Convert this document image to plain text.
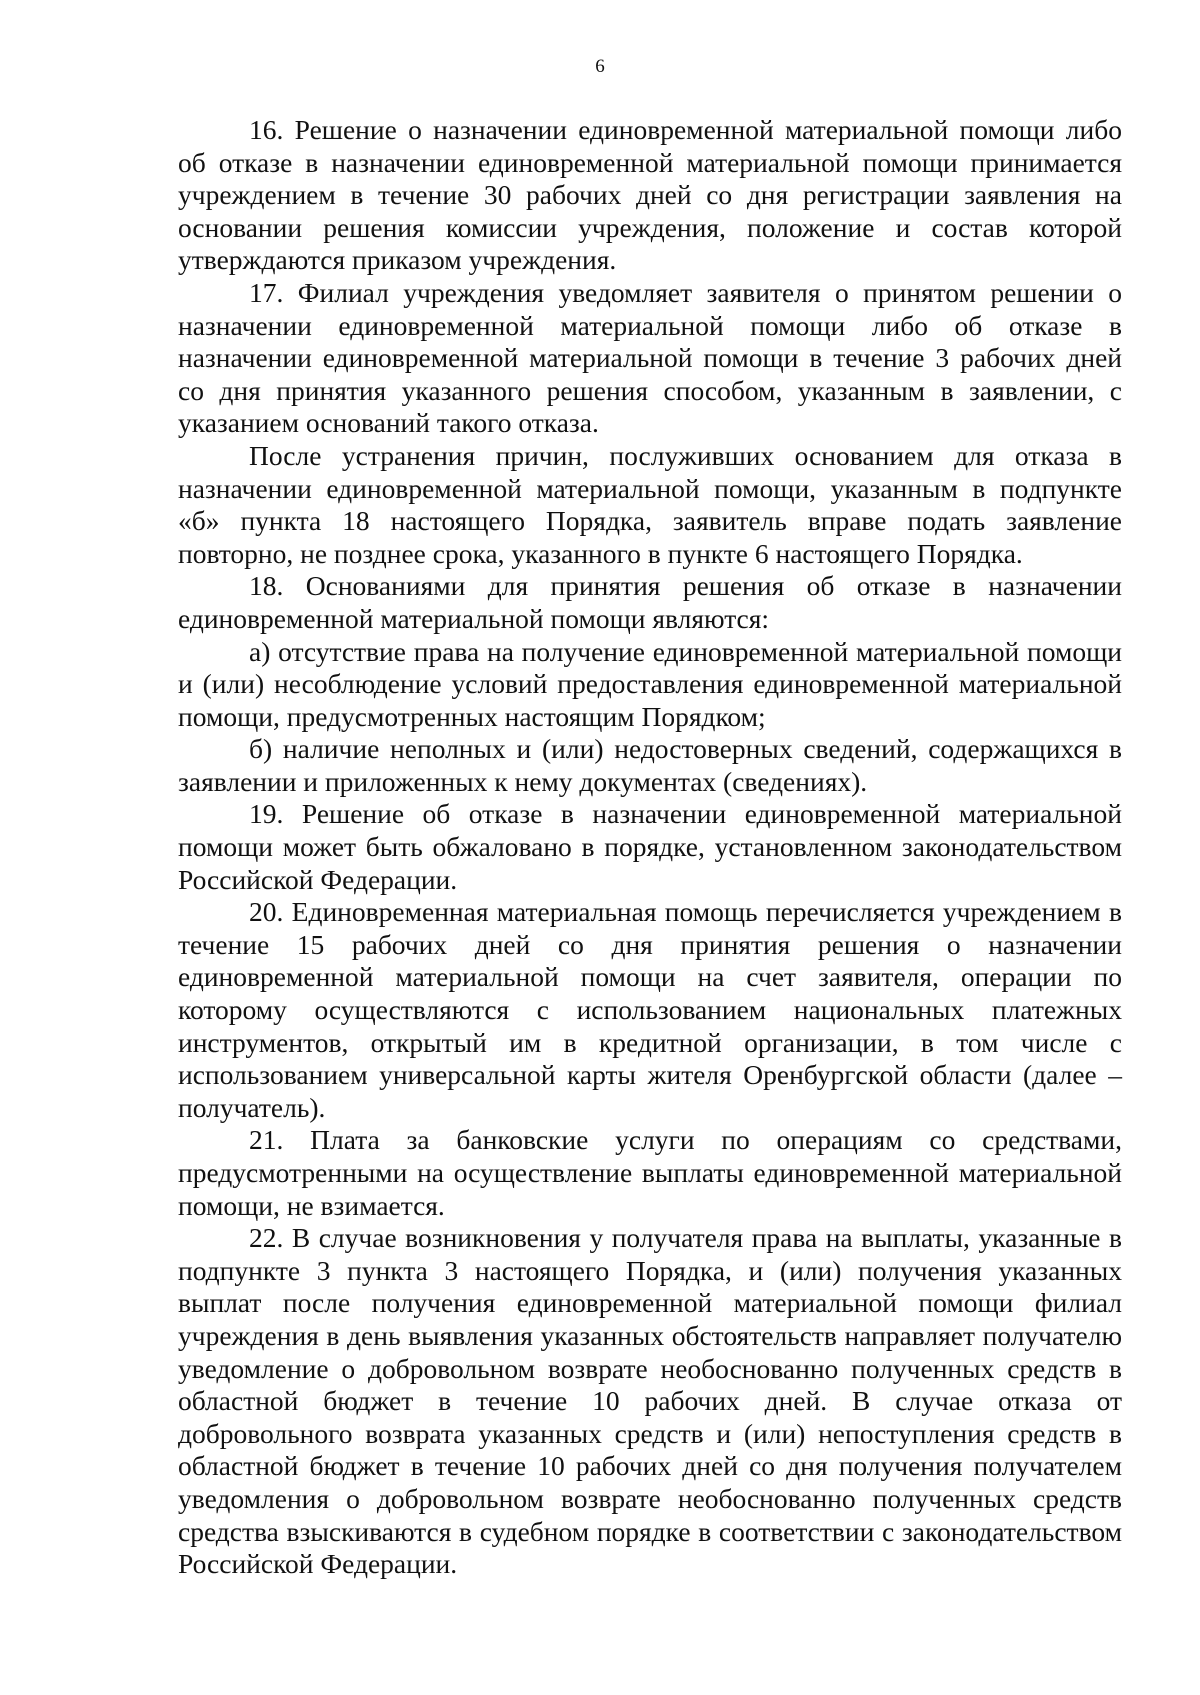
6

16. Решение о назначении единовременной материальной помощи либо об отказе в назначении единовременной материальной помощи принимается учреждением в течение 30 рабочих дней со дня регистрации заявления на основании решения комиссии учреждения, положение и состав которой утверждаются приказом учреждения.

17. Филиал учреждения уведомляет заявителя о принятом решении о назначении единовременной материальной помощи либо об отказе в назначении единовременной материальной помощи в течение 3 рабочих дней со дня принятия указанного решения способом, указанным в заявлении, с указанием оснований такого отказа.

После устранения причин, послуживших основанием для отказа в назначении единовременной материальной помощи, указанным в подпункте «б» пункта 18 настоящего Порядка, заявитель вправе подать заявление повторно, не позднее срока, указанного в пункте 6 настоящего Порядка.

18. Основаниями для принятия решения об отказе в назначении единовременной материальной помощи являются:

а) отсутствие права на получение единовременной материальной помощи и (или) несоблюдение условий предоставления единовременной материальной помощи, предусмотренных настоящим Порядком;

б) наличие неполных и (или) недостоверных сведений, содержащихся в заявлении и приложенных к нему документах (сведениях).

19. Решение об отказе в назначении единовременной материальной помощи может быть обжаловано в порядке, установленном законодательством Российской Федерации.

20. Единовременная материальная помощь перечисляется учреждением в течение 15 рабочих дней со дня принятия решения о назначении единовременной материальной помощи на счет заявителя, операции по которому осуществляются с использованием национальных платежных инструментов, открытый им в кредитной организации, в том числе с использованием универсальной карты жителя Оренбургской области (далее – получатель).

21. Плата за банковские услуги по операциям со средствами, предусмотренными на осуществление выплаты единовременной материальной помощи, не взимается.

22. В случае возникновения у получателя права на выплаты, указанные в подпункте 3 пункта 3 настоящего Порядка, и (или) получения указанных выплат после получения единовременной материальной помощи филиал учреждения в день выявления указанных обстоятельств направляет получателю уведомление о добровольном возврате необоснованно полученных средств в областной бюджет в течение 10 рабочих дней. В случае отказа от добровольного возврата указанных средств и (или) непоступления средств в областной бюджет в течение 10 рабочих дней со дня получения получателем уведомления о добровольном возврате необоснованно полученных средств средства взыскиваются в судебном порядке в соответствии с законодательством Российской Федерации.
